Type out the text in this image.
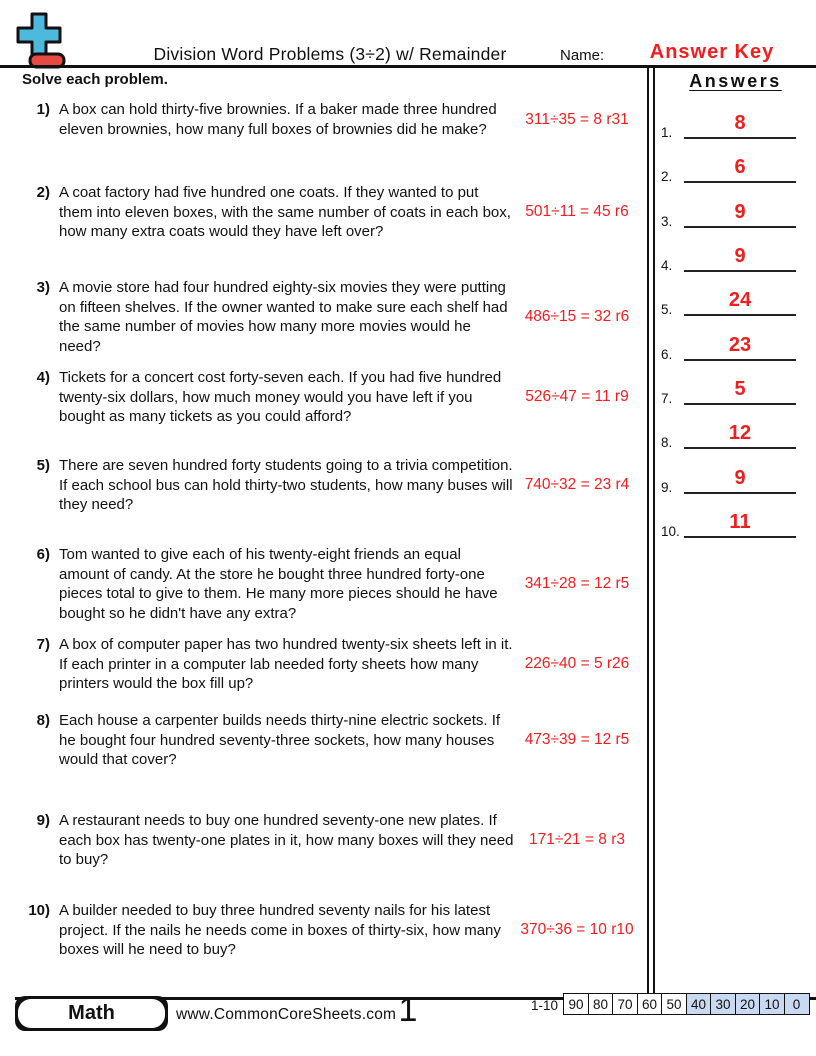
Division Word Problems (3÷2) w/ Remainder	Name:	Answer Key
Solve each problem.
1) A box can hold thirty-five brownies. If a baker made three hundred eleven brownies, how many full boxes of brownies did he make?
311÷35 = 8 r31
2) A coat factory had five hundred one coats. If they wanted to put them into eleven boxes, with the same number of coats in each box, how many extra coats would they have left over?
501÷11 = 45 r6
3) A movie store had four hundred eighty-six movies they were putting on fifteen shelves. If the owner wanted to make sure each shelf had the same number of movies how many more movies would he need?
486÷15 = 32 r6
4) Tickets for a concert cost forty-seven each. If you had five hundred twenty-six dollars, how much money would you have left if you bought as many tickets as you could afford?
526÷47 = 11 r9
5) There are seven hundred forty students going to a trivia competition. If each school bus can hold thirty-two students, how many buses will they need?
740÷32 = 23 r4
6) Tom wanted to give each of his twenty-eight friends an equal amount of candy. At the store he bought three hundred forty-one pieces total to give to them. He many more pieces should he have bought so he didn't have any extra?
341÷28 = 12 r5
7) A box of computer paper has two hundred twenty-six sheets left in it. If each printer in a computer lab needed forty sheets how many printers would the box fill up?
226÷40 = 5 r26
8) Each house a carpenter builds needs thirty-nine electric sockets. If he bought four hundred seventy-three sockets, how many houses would that cover?
473÷39 = 12 r5
9) A restaurant needs to buy one hundred seventy-one new plates. If each box has twenty-one plates in it, how many boxes will they need to buy?
171÷21 = 8 r3
10) A builder needed to buy three hundred seventy nails for his latest project. If the nails he needs come in boxes of thirty-six, how many boxes will he need to buy?
370÷36 = 10 r10
Answers
1.	8
2.	6
3.	9
4.	9
5.	24
6.	23
7.	5
8.	12
9.	9
10.	11
Math	www.CommonCoreSheets.com 1	1-10 90 80 70 60 50 40 30 20 10 0
